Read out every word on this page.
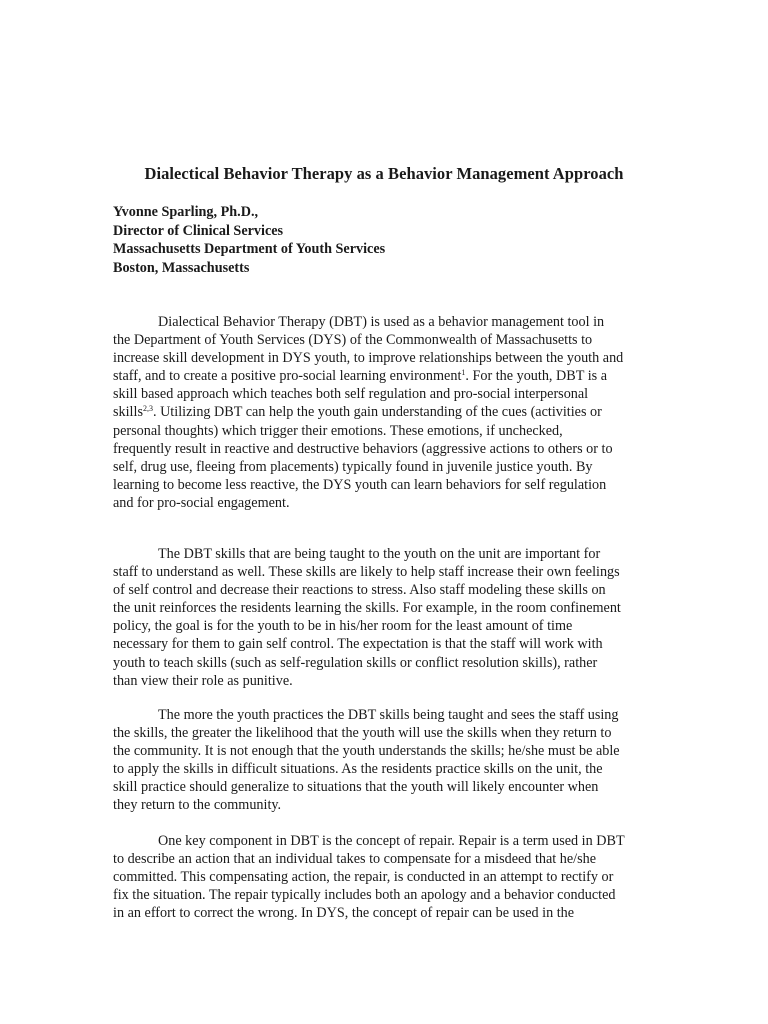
Dialectical Behavior Therapy as a Behavior Management Approach
Yvonne Sparling, Ph.D.,
Director of Clinical Services
Massachusetts Department of Youth Services
Boston, Massachusetts

Dialectical Behavior Therapy (DBT) is used as a behavior management tool in
the Department of Youth Services (DYS) of the Commonwealth of Massachusetts to
increase skill development in DYS youth, to improve relationships between the youth and
staff, and to create a positive pro-social learning environment$^1$. For the youth, DBT is a
skill based approach which teaches both self regulation and pro-social interpersonal
skills$^{2,3}$. Utilizing DBT can help the youth gain understanding of the cues (activities or
personal thoughts) which trigger their emotions. These emotions, if unchecked,
frequently result in reactive and destructive behaviors (aggressive actions to others or to
self, drug use, fleeing from placements) typically found in juvenile justice youth. By
learning to become less reactive, the DYS youth can learn behaviors for self regulation
and for pro-social engagement.

The DBT skills that are being taught to the youth on the unit are important for
staff to understand as well. These skills are likely to help staff increase their own feelings
of self control and decrease their reactions to stress. Also staff modeling these skills on
the unit reinforces the residents learning the skills. For example, in the room confinement
policy, the goal is for the youth to be in his/her room for the least amount of time
necessary for them to gain self control. The expectation is that the staff will work with
youth to teach skills (such as self-regulation skills or conflict resolution skills), rather
than view their role as punitive.

The more the youth practices the DBT skills being taught and sees the staff using
the skills, the greater the likelihood that the youth will use the skills when they return to
the community. It is not enough that the youth understands the skills; he/she must be able
to apply the skills in difficult situations. As the residents practice skills on the unit, the
skill practice should generalize to situations that the youth will likely encounter when
they return to the community.

One key component in DBT is the concept of repair. Repair is a term used in DBT
to describe an action that an individual takes to compensate for a misdeed that he/she
committed. This compensating action, the repair, is conducted in an attempt to rectify or
fix the situation. The repair typically includes both an apology and a behavior conducted
in an effort to correct the wrong. In DYS, the concept of repair can be used in the
